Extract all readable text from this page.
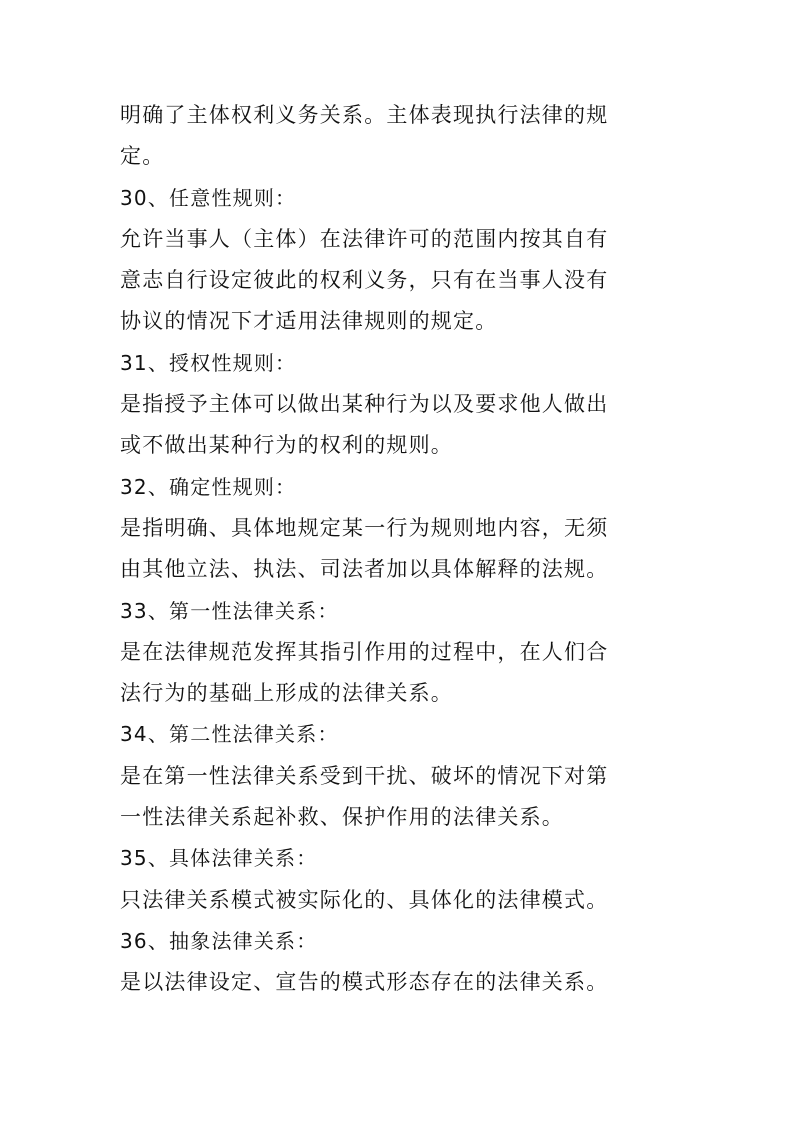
明确了主体权利义务关系。主体表现执行法律的规
定。
30、任意性规则：
允许当事人（主体）在法律许可的范围内按其自有
意志自行设定彼此的权利义务，只有在当事人没有
协议的情况下才适用法律规则的规定。
31、授权性规则：
是指授予主体可以做出某种行为以及要求他人做出
或不做出某种行为的权利的规则。
32、确定性规则：
是指明确、具体地规定某一行为规则地内容，无须
由其他立法、执法、司法者加以具体解释的法规。
33、第一性法律关系：
是在法律规范发挥其指引作用的过程中，在人们合
法行为的基础上形成的法律关系。
34、第二性法律关系：
是在第一性法律关系受到干扰、破坏的情况下对第
一性法律关系起补救、保护作用的法律关系。
35、具体法律关系：
只法律关系模式被实际化的、具体化的法律模式。
36、抽象法律关系：
是以法律设定、宣告的模式形态存在的法律关系。
